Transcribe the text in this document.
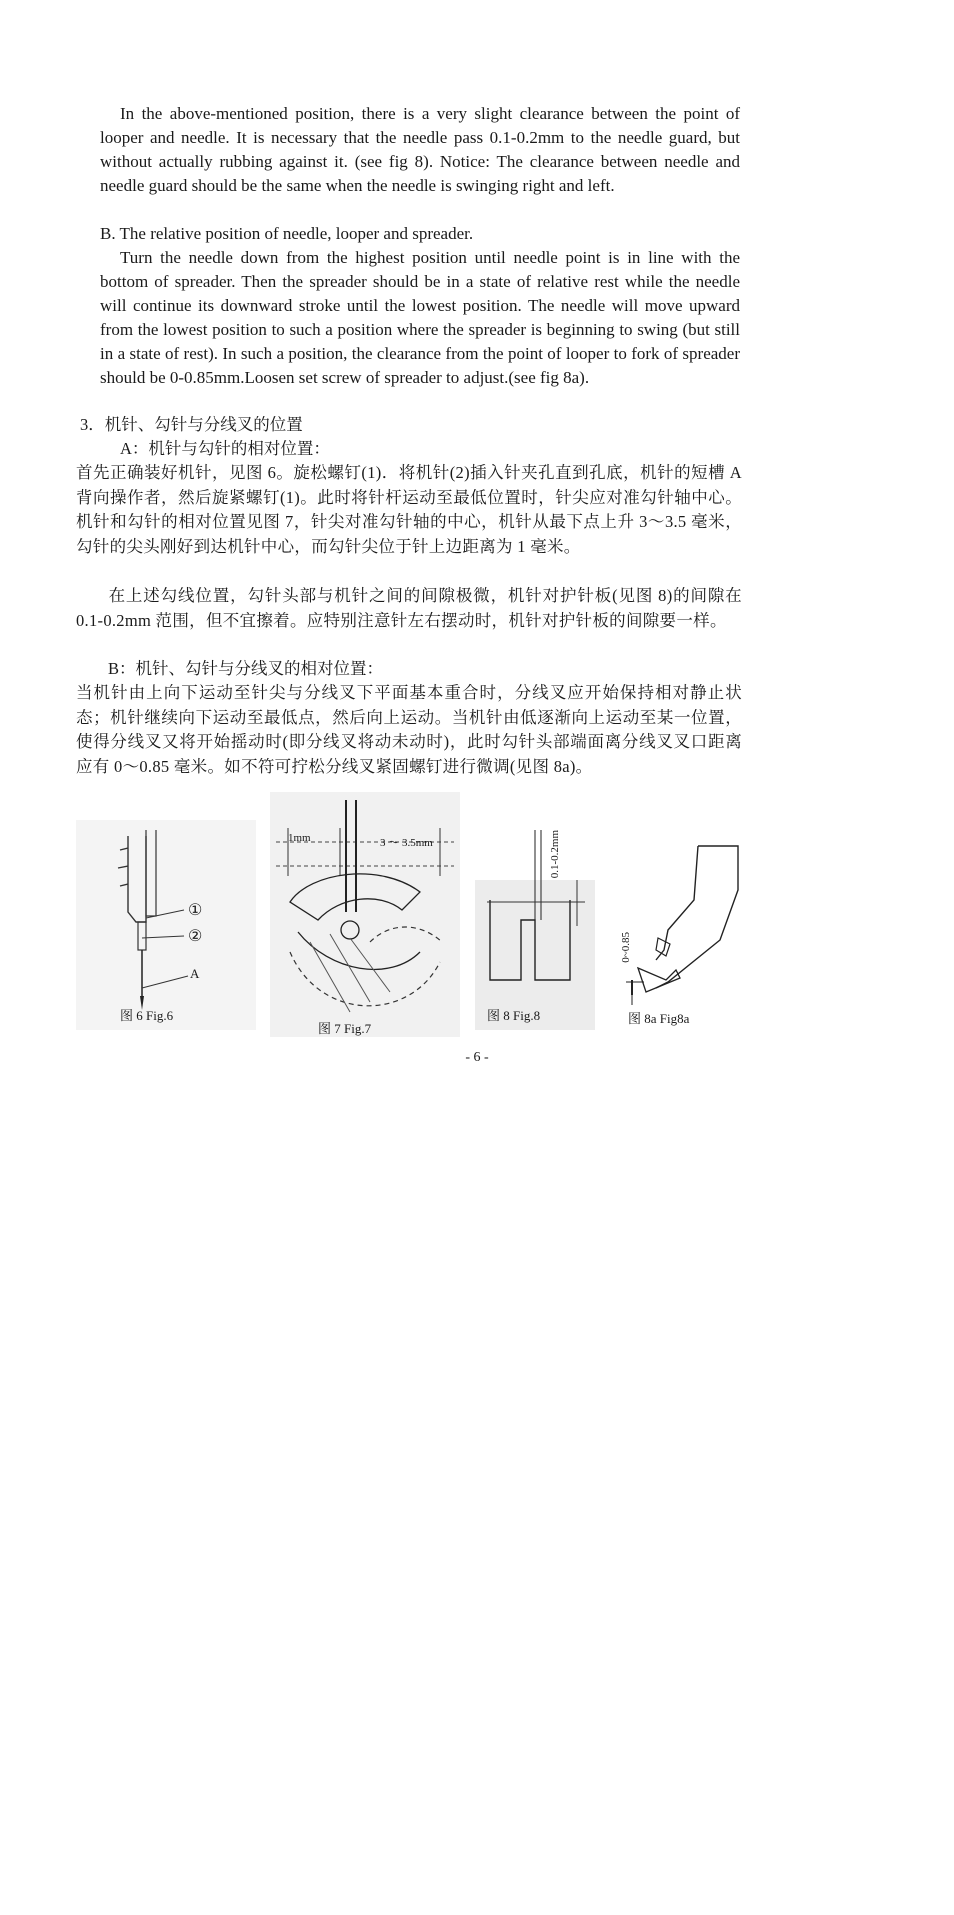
In the above-mentioned position, there is a very slight clearance between the point of looper and needle. It is necessary that the needle pass 0.1-0.2mm to the needle guard, but without actually rubbing against it. (see fig 8). Notice: The clearance between needle and needle guard should be the same when the needle is swinging right and left.

B. The relative position of needle, looper and spreader.

Turn the needle down from the highest position until needle point is in line with the bottom of spreader. Then the spreader should be in a state of relative rest while the needle will continue its downward stroke until the lowest position. The needle will move upward from the lowest position to such a position where the spreader is beginning to swing (but still in a state of rest). In such a position, the clearance from the point of looper to fork of spreader should be 0-0.85mm.Loosen set screw of spreader to adjust.(see fig 8a).

3．机针、勾针与分线叉的位置

A：机针与勾针的相对位置：

首先正确装好机针，见图 6。旋松螺钉(1)．将机针(2)插入针夹孔直到孔底，机针的短槽 A 背向操作者，然后旋紧螺钉(1)。此时将针杆运动至最低位置时，针尖应对准勾针轴中心。机针和勾针的相对位置见图 7，针尖对准勾针轴的中心，机针从最下点上升 3～3.5 毫米，勾针的尖头刚好到达机针中心，而勾针尖位于针上边距离为 1 毫米。

在上述勾线位置，勾针头部与机针之间的间隙极微，机针对护针板(见图 8)的间隙在 0.1-0.2mm 范围，但不宜擦着。应特别注意针左右摆动时，机针对护针板的间隙要一样。

B：机针、勾针与分线叉的相对位置：

当机针由上向下运动至针尖与分线叉下平面基本重合时，分线叉应开始保持相对静止状态；机针继续向下运动至最低点，然后向上运动。当机针由低逐渐向上运动至某一位置，使得分线叉又将开始摇动时(即分线叉将动未动时)，此时勾针头部端面离分线叉叉口距离应有 0～0.85 毫米。如不符可拧松分线叉紧固螺钉进行微调(见图 8a)。

①
②
A
图 6 Fig.6
1mm	3 ～ 3.5mm
图 7 Fig.7
0.1-0.2mm
图 8 Fig.8
0~0.85
图 8a Fig8a
- 6 -
